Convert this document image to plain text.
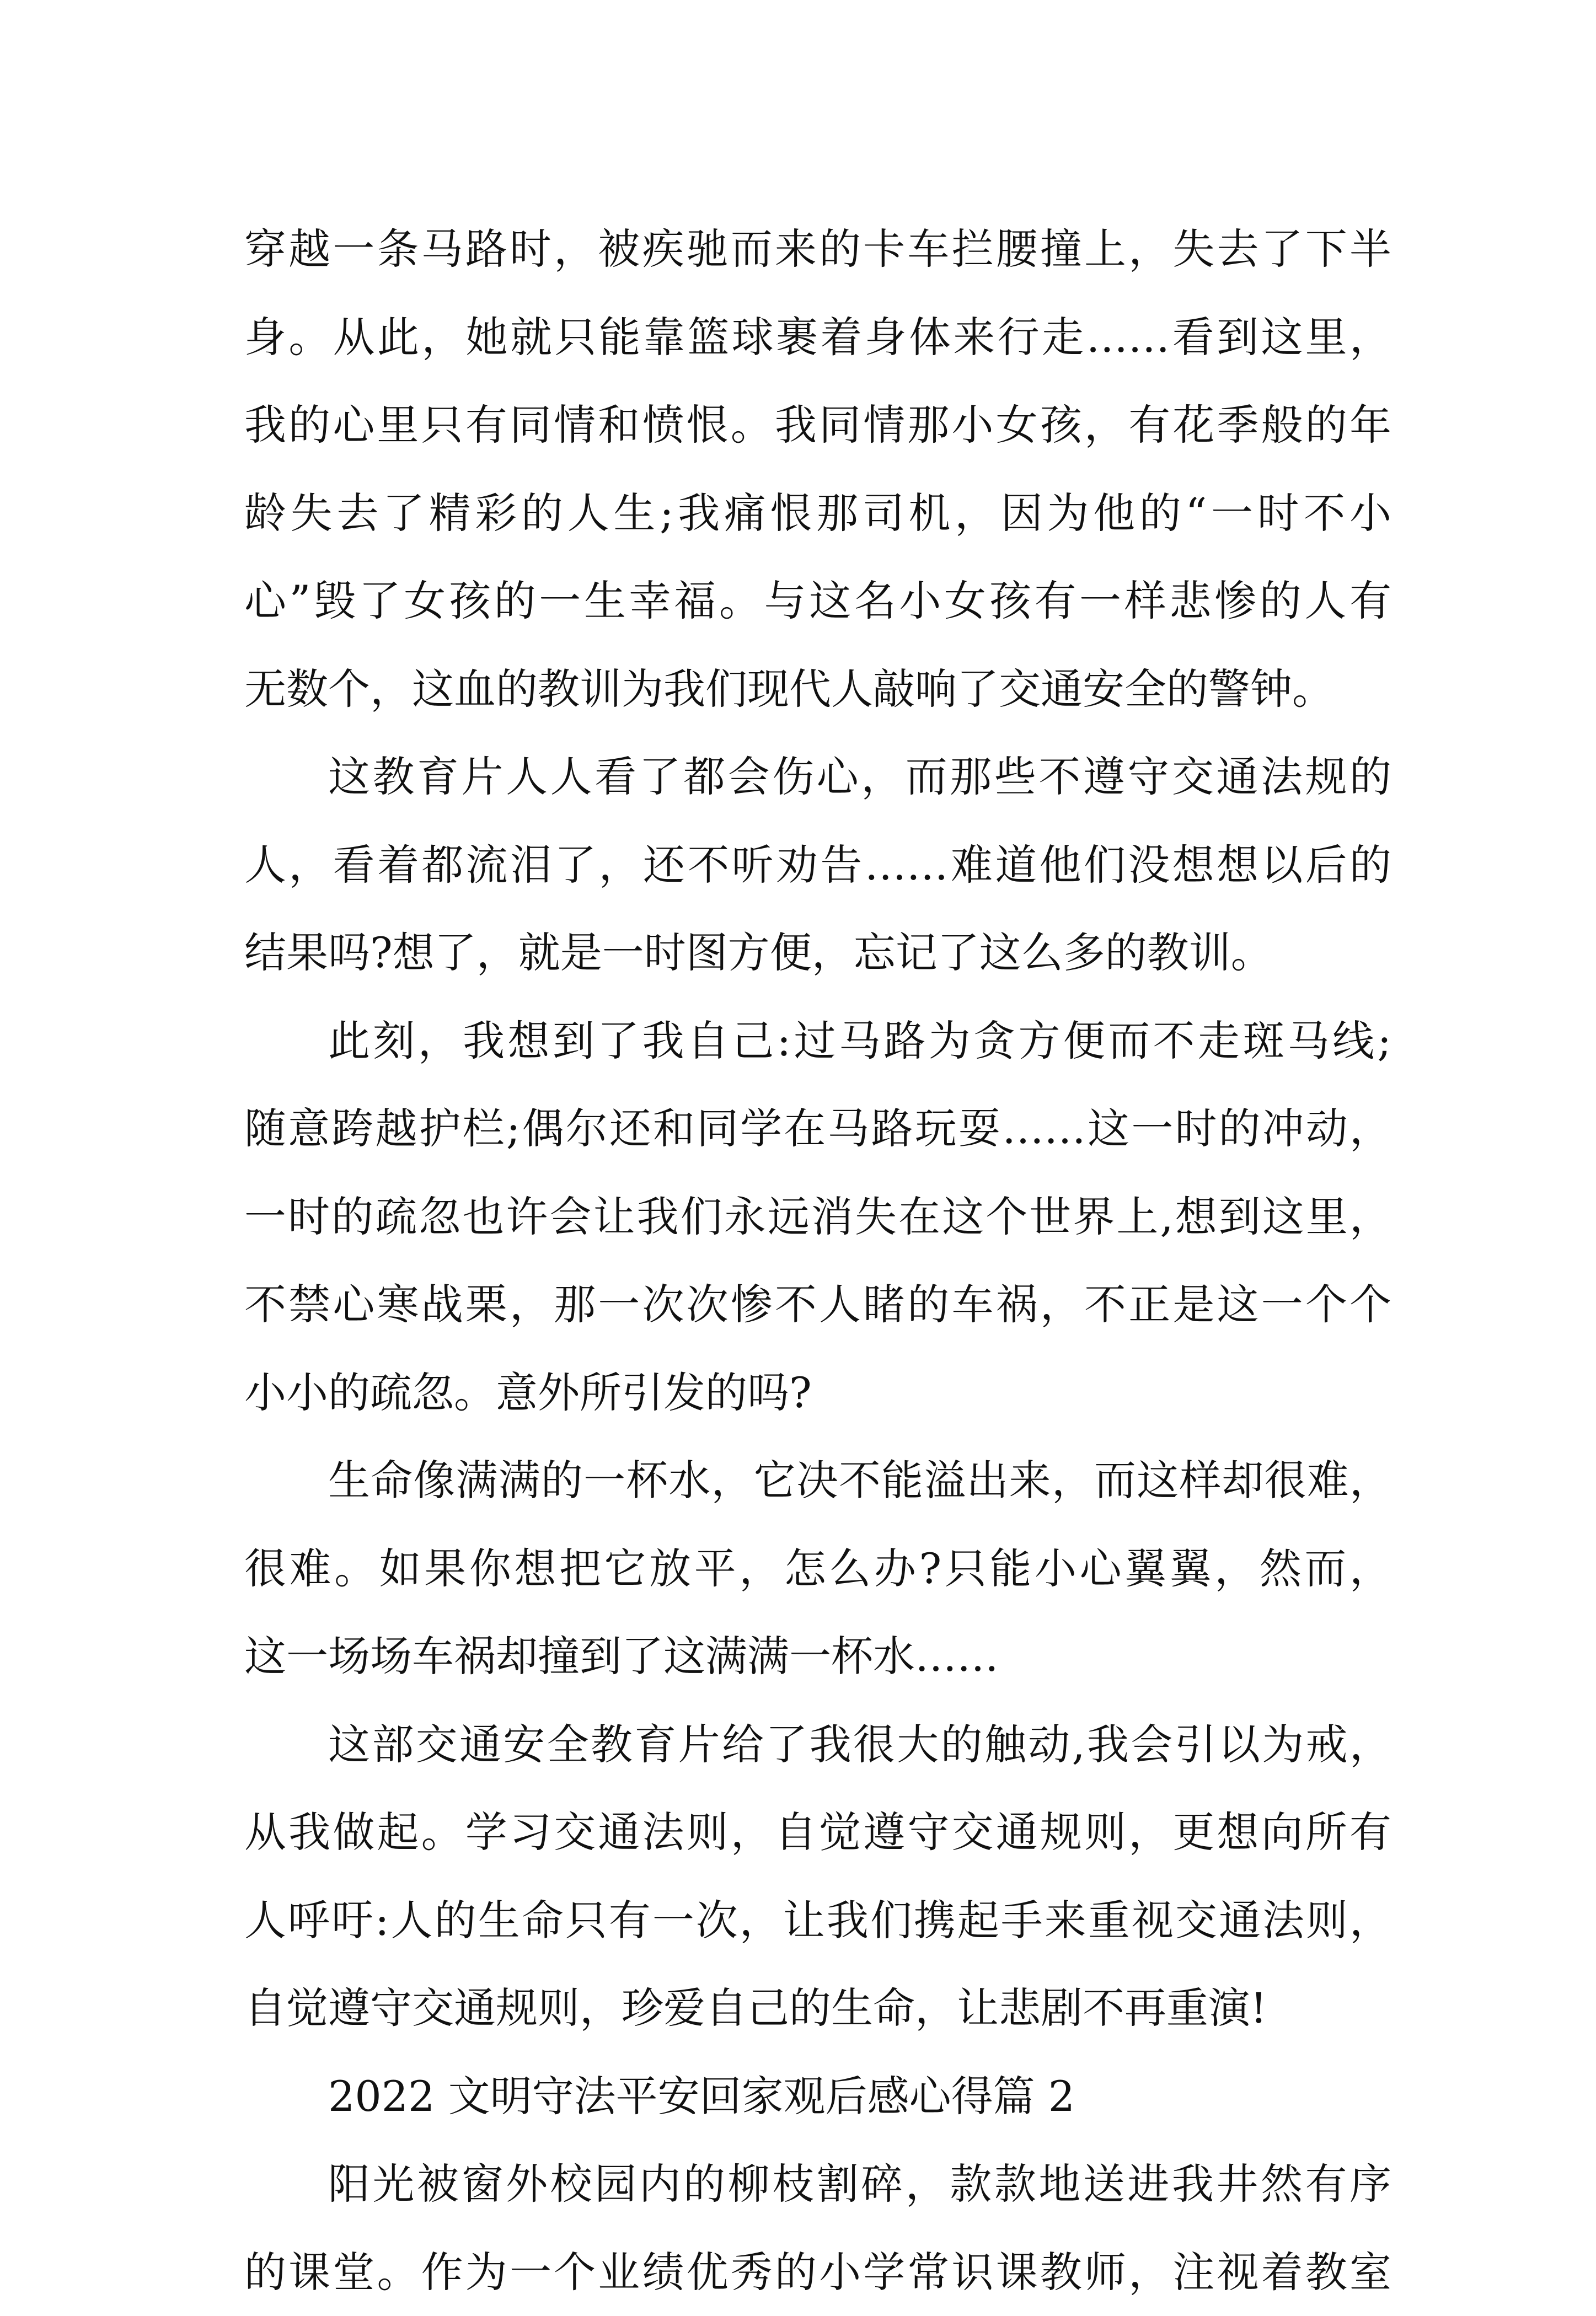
穿越一条马路时，被疾驰而来的卡车拦腰撞上，失去了下半
身。从此，她就只能靠篮球裹着身体来行走……看到这里，
我的心里只有同情和愤恨。我同情那小女孩，有花季般的年
龄失去了精彩的人生;我痛恨那司机，因为他的“一时不小
心”毁了女孩的一生幸福。与这名小女孩有一样悲惨的人有
无数个，这血的教训为我们现代人敲响了交通安全的警钟。
这教育片人人看了都会伤心，而那些不遵守交通法规的
人，看着都流泪了，还不听劝告……难道他们没想想以后的
结果吗?想了，就是一时图方便，忘记了这么多的教训。
此刻，我想到了我自己:过马路为贪方便而不走斑马线;
随意跨越护栏;偶尔还和同学在马路玩耍……这一时的冲动，
一时的疏忽也许会让我们永远消失在这个世界上,想到这里，
不禁心寒战栗，那一次次惨不人睹的车祸，不正是这一个个
小小的疏忽。意外所引发的吗?
生命像满满的一杯水，它决不能溢出来，而这样却很难，
很难。如果你想把它放平，怎么办?只能小心翼翼，然而，
这一场场车祸却撞到了这满满一杯水……
这部交通安全教育片给了我很大的触动,我会引以为戒，
从我做起。学习交通法则，自觉遵守交通规则，更想向所有
人呼吁:人的生命只有一次，让我们携起手来重视交通法则，
自觉遵守交通规则，珍爱自己的生命，让悲剧不再重演!
2022 文明守法平安回家观后感心得篇 2
阳光被窗外校园内的柳枝割碎，款款地送进我井然有序
的课堂。作为一个业绩优秀的小学常识课教师，注视着教室
